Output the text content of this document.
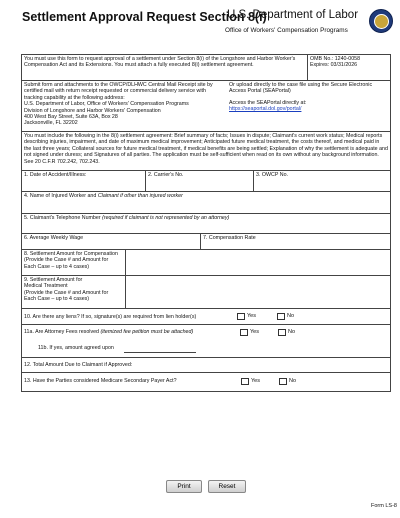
Settlement Approval Request Section 8(i)
U.S. Department of Labor
Office of Workers' Compensation Programs
You must use this form to request approval of a settlement under Section 8(i) of the Longshore and Harbor Worker's Compensation Act and its Extensions. You must attach a fully executed 8(i) settlement agreement.
OMB No.: 1240-0058
Expires: 03/31/2026
Submit form and attachments to the OWCP/DLHWC Central Mail Receipt site by certified mail with return receipt requested or commercial delivery service with tracking capability at the following address:
U.S. Department of Labor, Office of Workers' Compensation Programs
Division of Longshore and Harbor Workers' Compensation
400 West Bay Street, Suite 63A, Box 28
Jacksonville, FL 32202
Or upload directly to the case file using the Secure Electronic Access Portal (SEAPortal)
Access the SEAPortal directly at:
https://seaportal.dol.gov/portal/
You must include the following in the 8(i) settlement agreement: Brief summary of facts; Issues in dispute; Claimant's current work status; Medical reports describing injuries, impairment, and date of maximum medical improvement; Anticipated future medical treatment, the costs thereof, and medical paid in the last three years; Collateral sources for future medical treatment, if medical benefits are being settled; Explanation of why the settlement is adequate and not signed under duress; and Signatures of all parties. The application must be self-sufficient when read on its own without any background information. See 20 C.F.R 702.242, 702.243.
1. Date of Accident/Illness:	2. Carrier's No.	3. OWCP No.
4. Name of Injured Worker and Claimant if other than injured worker
5. Claimant's Telephone Number (required if claimant is not represented by an attorney)
6. Average Weekly Wage	7. Compensation Rate
8. Settlement Amount for Compensation
(Provide the Case # and Amount for
Each Case – up to 4 cases)
9. Settlement Amount for
Medical Treatment
(Provide the Case # and Amount for
Each Case – up to 4 cases)
10. Are there any liens? If so, signature(s) are required from lien holder(s)	Yes	No
11a. Are Attorney Fees resolved (itemized fee petition must be attached)	Yes	No
11b. If yes, amount agreed upon
12. Total Amount Due to Claimant if Approved:
13. Have the Parties considered Medicare Secondary Payer Act?	Yes	No
Print	Reset
Form LS-8
